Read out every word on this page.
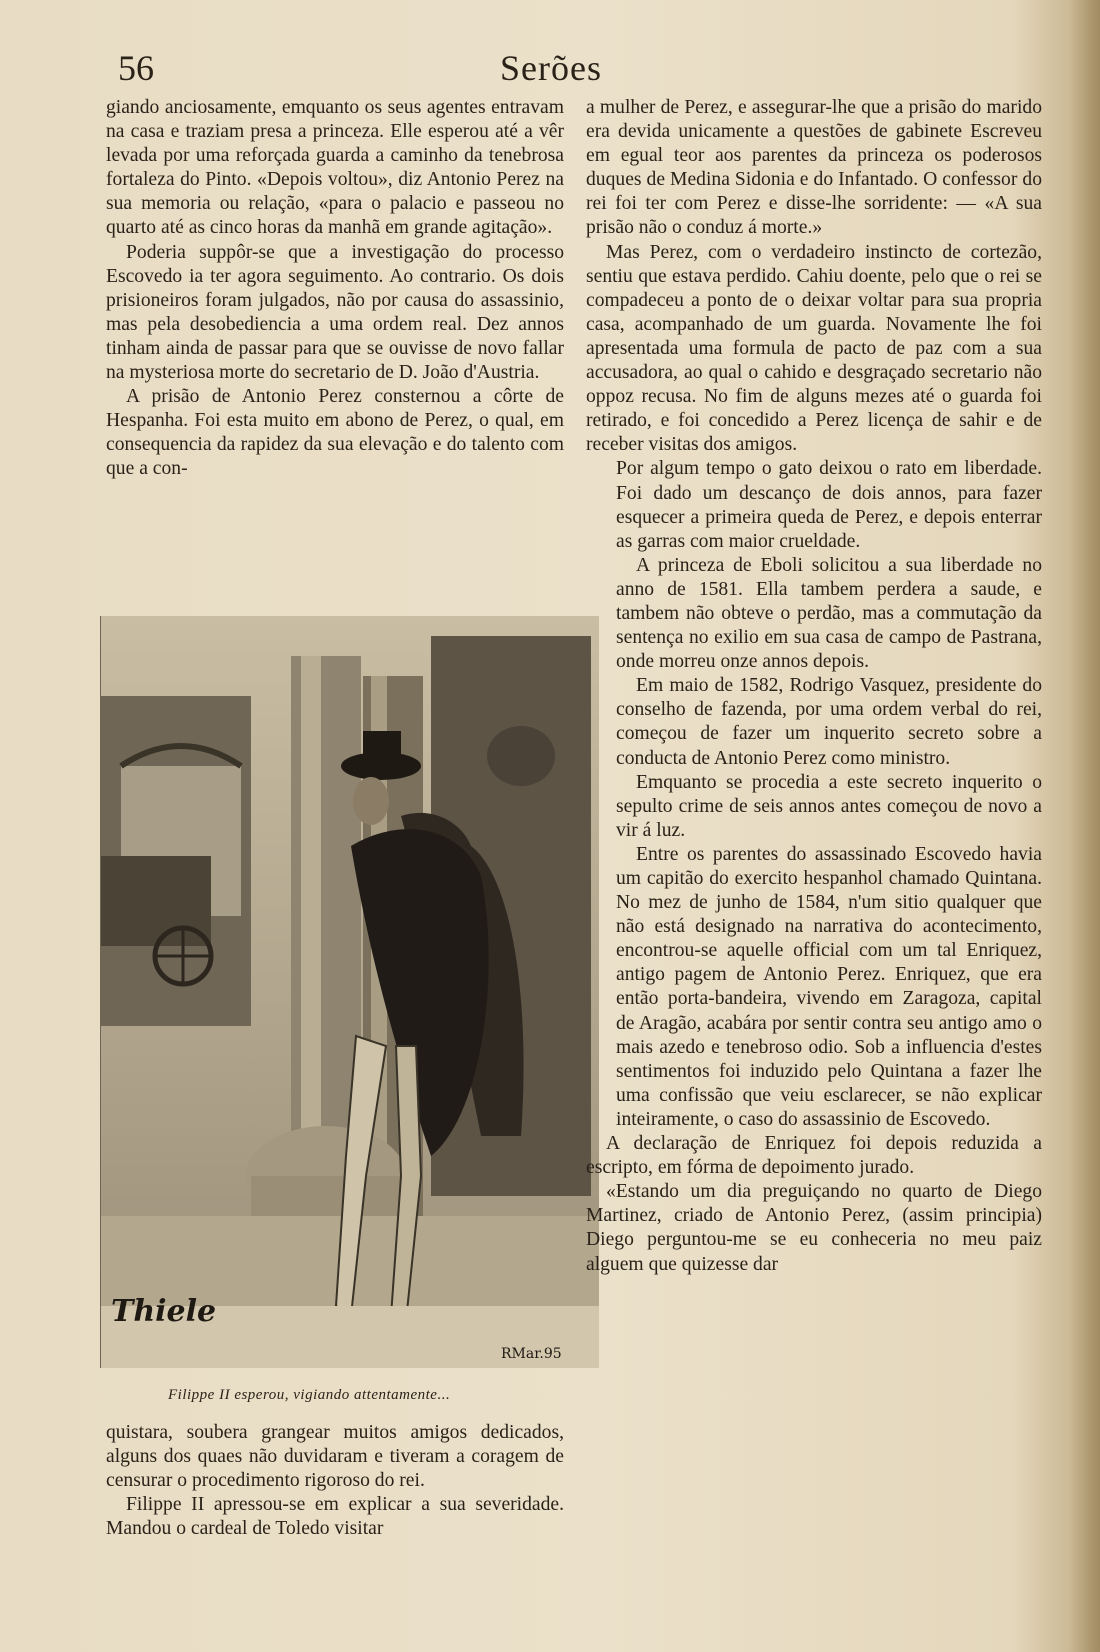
56	Serões

giando anciosamente, emquanto os seus agentes entravam na casa e traziam presa a princeza. Elle esperou até a vêr levada por uma reforçada guarda a caminho da tenebrosa fortaleza do Pinto. «Depois voltou», diz Antonio Perez na sua memoria ou relação, «para o palacio e passeou no quarto até as cinco horas da manhã em grande agitação».

Poderia suppôr-se que a investigação do processo Escovedo ia ter agora seguimento. Ao contrario. Os dois prisioneiros foram julgados, não por causa do assassinio, mas pela desobediencia a uma ordem real. Dez annos tinham ainda de passar para que se ouvisse de novo fallar na mysteriosa morte do secretario de D. João d'Austria.

A prisão de Antonio Perez consternou a côrte de Hespanha. Foi esta muito em abono de Perez, o qual, em consequencia da rapidez da sua elevação e do talento com que a con-

Thiele
RMar.95
Filippe II esperou, vigiando attentamente...

quistara, soubera grangear muitos amigos dedicados, alguns dos quaes não duvidaram e tiveram a coragem de censurar o procedimento rigoroso do rei.

Filippe II apressou-se em explicar a sua severidade. Mandou o cardeal de Toledo visitar

a mulher de Perez, e assegurar-lhe que a prisão do marido era devida unicamente a questões de gabinete Escreveu em egual teor aos parentes da princeza os poderosos duques de Medina Sidonia e do Infantado. O confessor do rei foi ter com Perez e disse-lhe sorridente: — «A sua prisão não o conduz á morte.»

Mas Perez, com o verdadeiro instincto de cortezão, sentiu que estava perdido. Cahiu doente, pelo que o rei se compadeceu a ponto de o deixar voltar para sua propria casa, acompanhado de um guarda. Novamente lhe foi apresentada uma formula de pacto de paz com a sua accusadora, ao qual o cahido e desgraçado secretario não oppoz recusa. No fim de alguns mezes até o guarda foi retirado, e foi concedido a Perez licença de sahir e de receber visitas dos amigos.

Por algum tempo o gato deixou o rato em liberdade. Foi dado um descanço de dois annos, para fazer esquecer a primeira queda de Perez, e depois enterrar as garras com maior crueldade.

A princeza de Eboli solicitou a sua liberdade no anno de 1581. Ella tambem perdera a saude, e tambem não obteve o perdão, mas a commutação da sentença no exilio em sua casa de campo de Pastrana, onde morreu onze annos depois.

Em maio de 1582, Rodrigo Vasquez, presidente do conselho de fazenda, por uma ordem verbal do rei, começou de fazer um inquerito secreto sobre a conducta de Antonio Perez como ministro.

Emquanto se procedia a este secreto inquerito o sepulto crime de seis annos antes começou de novo a vir á luz.

Entre os parentes do assassinado Escovedo havia um capitão do exercito hespanhol chamado Quintana. No mez de junho de 1584, n'um sitio qualquer que não está designado na narrativa do acontecimento, encontrou-se aquelle official com um tal Enriquez, antigo pagem de Antonio Perez. Enriquez, que era então porta-bandeira, vivendo em Zaragoza, capital de Aragão, acabára por sentir contra seu antigo amo o mais azedo e tenebroso odio. Sob a influencia d'estes sentimentos foi induzido pelo Quintana a fazer lhe uma confissão que veiu esclarecer, se não explicar inteiramente, o caso do assassinio de Escovedo.

A declaração de Enriquez foi depois reduzida a escripto, em fórma de depoimento jurado.

«Estando um dia preguiçando no quarto de Diego Martinez, criado de Antonio Perez, (assim principia) Diego perguntou-me se eu conheceria no meu paiz alguem que quizesse dar
